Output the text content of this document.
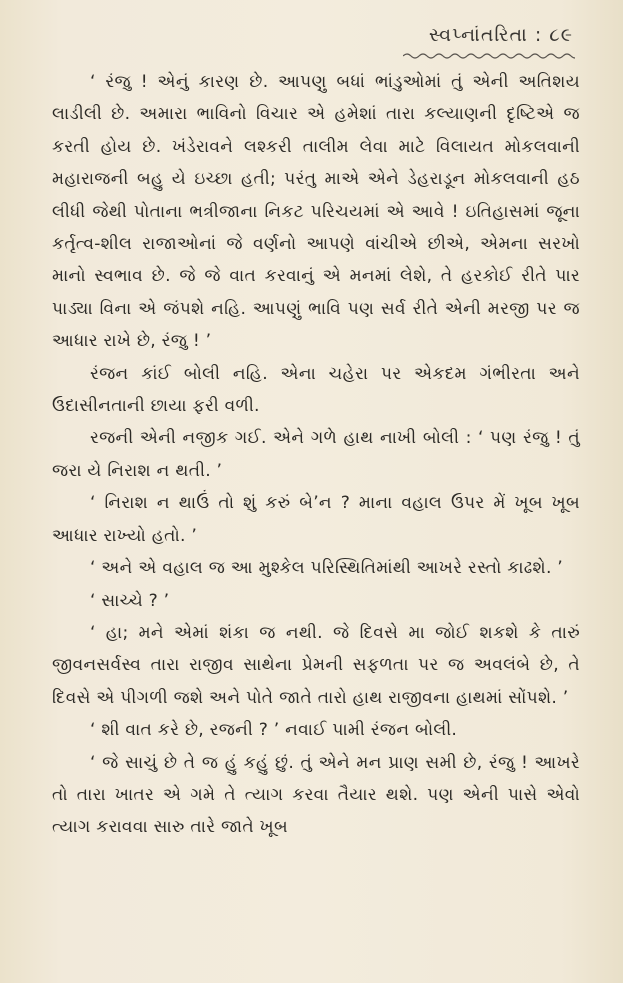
સ્વપ્નાંતરિતા : ૮૯

‘ રંજુ ! એનું કારણ છે. આપણુ બધાં ભાંડુઓમાં તું એની અતિશય લાડીલી છે. અમારા ભાવિનો વિચાર એ હમેશાં તારા કલ્યાણની દૃષ્ટિએ જ કરતી હોય છે. ખંડેરાવને લશ્કરી તાલીમ લેવા માટે વિલાયત મોકલવાની મહારાજની બહુ યે ઇચ્છા હતી; પરંતુ માએ એને ડેહરાડૂન મોકલવાની હઠ લીધી જેથી પોતાના ભત્રીજાના નિકટ પરિચયમાં એ આવે ! ઇતિહાસમાં જૂના કર્તૃત્વ-શીલ રાજાઓનાં જે વર્ણનો આપણે વાંચીએ છીએ, એમના સરખો માનો સ્વભાવ છે. જે જે વાત કરવાનું એ મનમાં લેશે, તે હરકોઈ રીતે પાર પાડ્યા વિના એ જંપશે નહિ. આપણું ભાવિ પણ સર્વ રીતે એની મરજી પર જ આધાર રાખે છે, રંજુ ! ’

રંજન કાંઈ બોલી નહિ. એના ચહેરા પર એકદમ ગંભીરતા અને ઉદાસીનતાની છાયા ફરી વળી.

રજની એની નજીક ગઈ. એને ગળે હાથ નાખી બોલી : ‘ પણ રંજુ ! તું જરા યે નિરાશ ન થતી. ’

‘ નિરાશ ન થાઉં તો શું કરું બે’ન ? માના વહાલ ઉપર મેં ખૂબ ખૂબ આધાર રાખ્યો હતો. ’

‘ અને એ વહાલ જ આ મુશ્કેલ પરિસ્થિતિમાંથી આખરે રસ્તો કાઢશે. ’

‘ સાચ્ચે ? ’

‘ હા; મને એમાં શંકા જ નથી. જે દિવસે મા જોઈ શકશે કે તારું જીવનસર્વસ્વ તારા રાજીવ સાથેના પ્રેમની સફળતા પર જ અવલંબે છે, તે દિવસે એ પીગળી જશે અને પોતે જાતે તારો હાથ રાજીવના હાથમાં સોંપશે. ’

‘ શી વાત કરે છે, રજની ? ’ નવાઈ પામી રંજન બોલી.

‘ જે સાચું છે તે જ હું કહું છું. તું એને મન પ્રાણ સમી છે, રંજુ ! આખરે તો તારા ખાતર એ ગમે તે ત્યાગ કરવા તૈયાર થશે. પણ એની પાસે એવો ત્યાગ કરાવવા સારુ તારે જાતે ખૂબ
